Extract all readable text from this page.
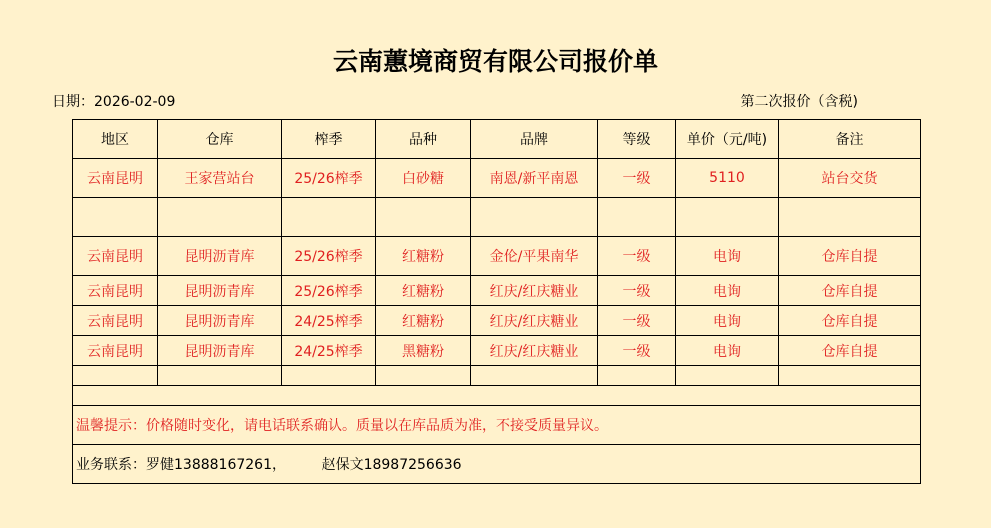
云南蕙境商贸有限公司报价单
日期：2026-02-09	第二次报价（含税)
地区	仓库	榨季	品种	品牌	等级	单价（元/吨)	备注
云南昆明	王家营站台	25/26榨季	白砂糖	南恩/新平南恩	一级	5110	站台交货

云南昆明	昆明沥青库	25/26榨季	红糖粉	金伦/平果南华	一级	电询	仓库自提
云南昆明	昆明沥青库	25/26榨季	红糖粉	红庆/红庆糖业	一级	电询	仓库自提
云南昆明	昆明沥青库	24/25榨季	红糖粉	红庆/红庆糖业	一级	电询	仓库自提
云南昆明	昆明沥青库	24/25榨季	黑糖粉	红庆/红庆糖业	一级	电询	仓库自提

温馨提示：价格随时变化，请电话联系确认。质量以在库品质为准，不接受质量异议。							
业务联系：罗健13888167261，        赵保文18987256636							
